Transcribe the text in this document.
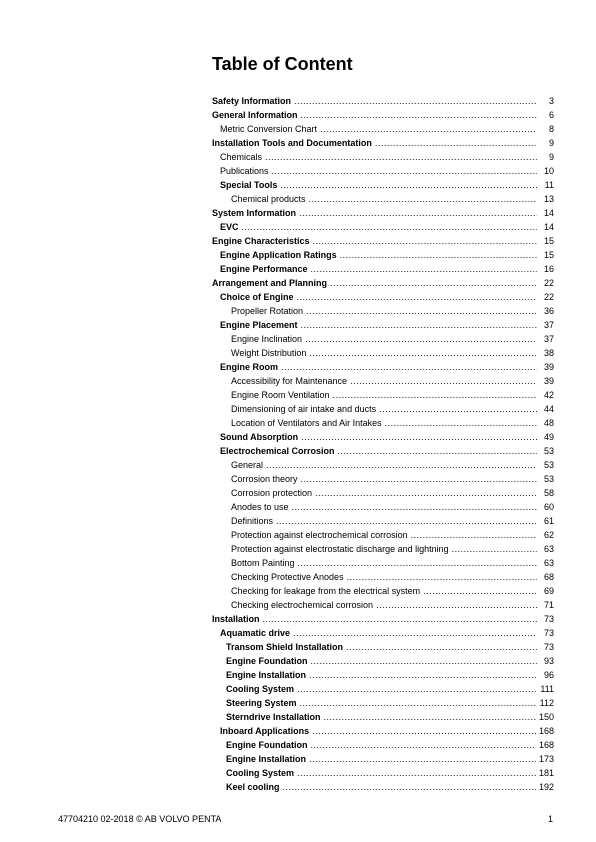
Table of Content
Safety Information .....	3
General Information .....	6
Metric Conversion Chart .....	8
Installation Tools and Documentation .....	9
Chemicals .....	9
Publications .....	10
Special Tools .....	11
Chemical products .....	13
System Information .....	14
EVC .....	14
Engine Characteristics .....	15
Engine Application Ratings .....	15
Engine Performance .....	16
Arrangement and Planning .....	22
Choice of Engine .....	22
Propeller Rotation .....	36
Engine Placement .....	37
Engine Inclination .....	37
Weight Distribution .....	38
Engine Room .....	39
Accessibility for Maintenance .....	39
Engine Room Ventilation .....	42
Dimensioning of air intake and ducts .....	44
Location of Ventilators and Air Intakes .....	48
Sound Absorption .....	49
Electrochemical Corrosion .....	53
General .....	53
Corrosion theory .....	53
Corrosion protection .....	58
Anodes to use .....	60
Definitions .....	61
Protection against electrochemical corrosion .....	62
Protection against electrostatic discharge and lightning .....	63
Bottom Painting .....	63
Checking Protective Anodes .....	68
Checking for leakage from the electrical system .....	69
Checking electrochemical corrosion .....	71
Installation .....	73
Aquamatic drive .....	73
Transom Shield Installation .....	73
Engine Foundation .....	93
Engine Installation .....	96
Cooling System .....	111
Steering System .....	112
Sterndrive Installation .....	150
Inboard Applications .....	168
Engine Foundation .....	168
Engine Installation .....	173
Cooling System .....	181
Keel cooling .....	192
47704210 02-2018 © AB VOLVO PENTA	1
